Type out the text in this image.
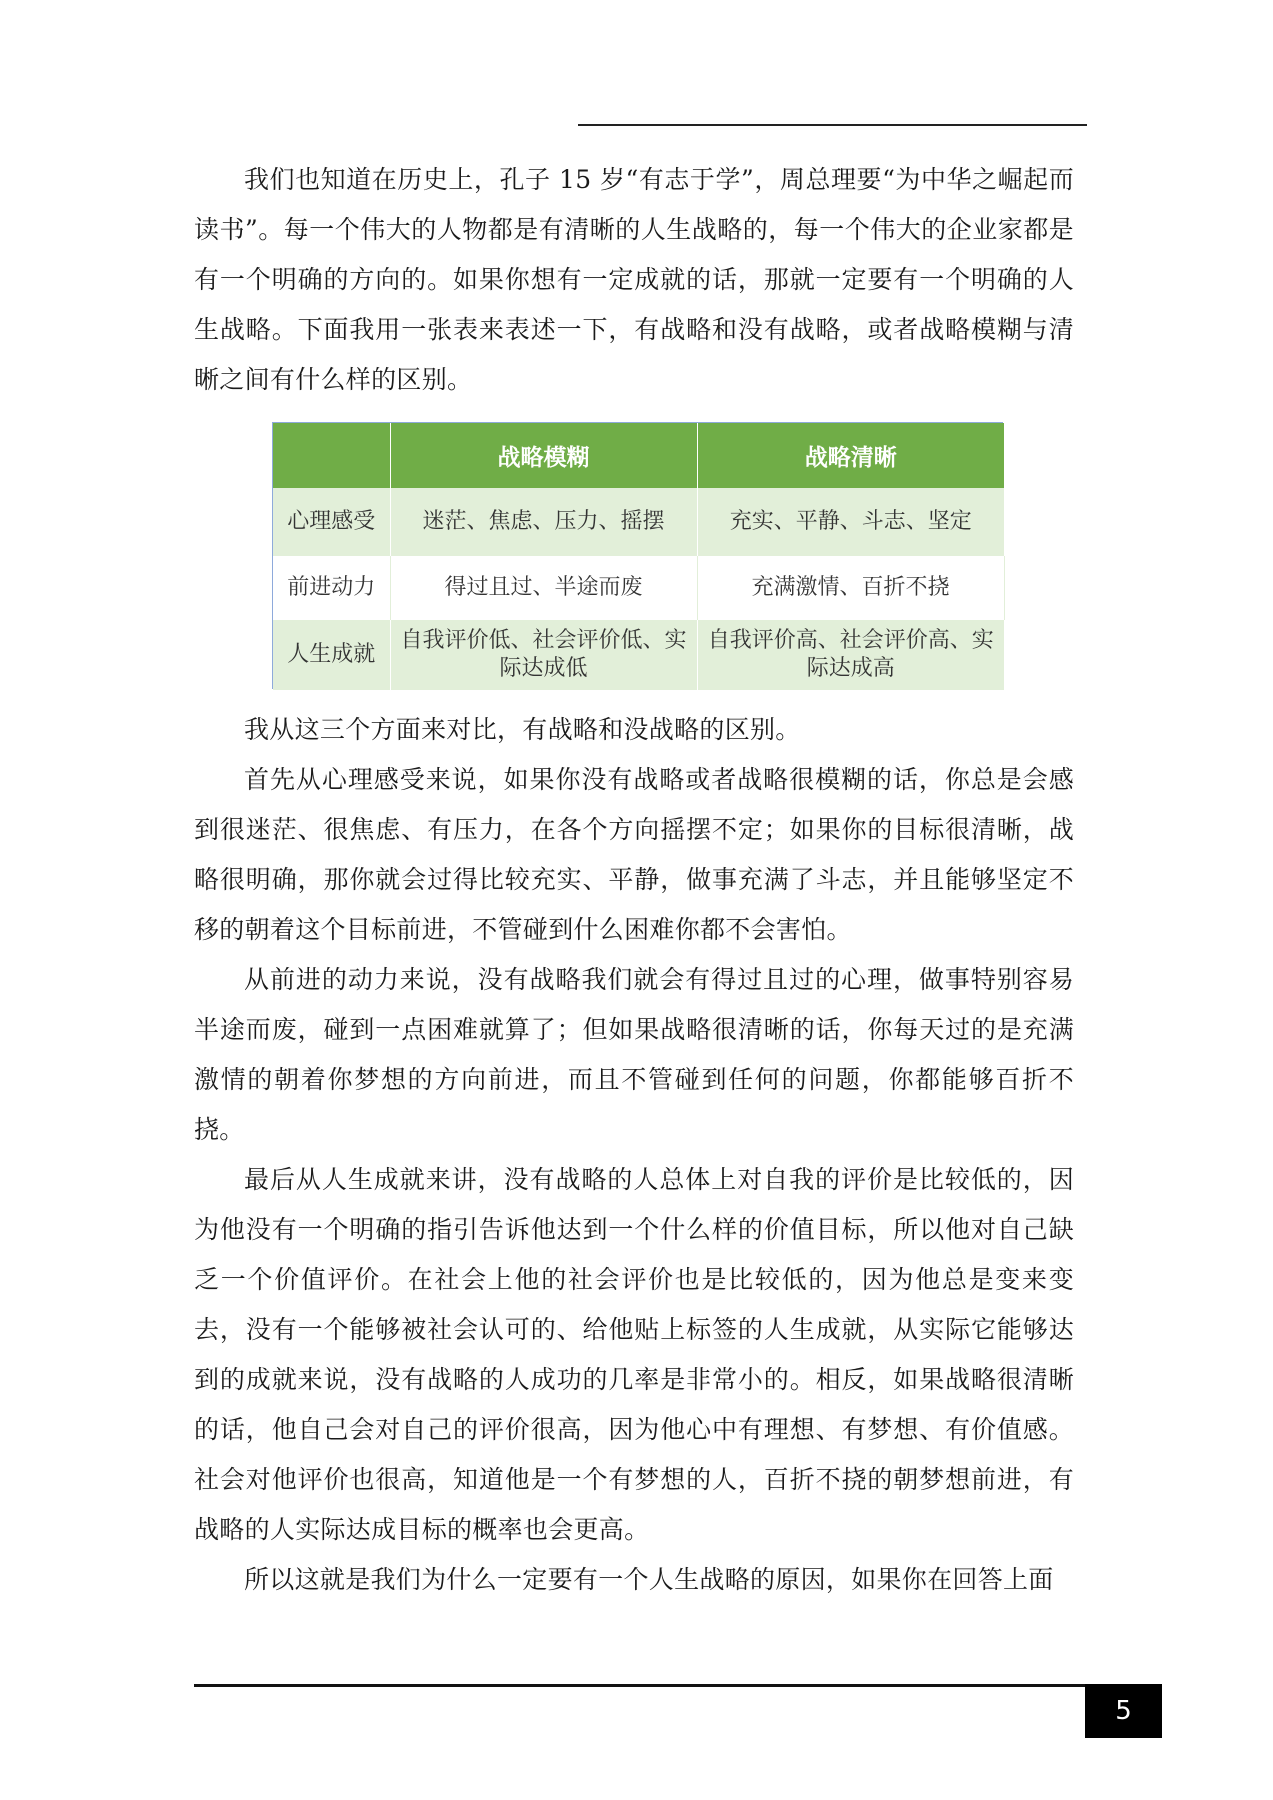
我们也知道在历史上，孔子 15 岁“有志于学”，周总理要“为中华之崛起而读书”。每一个伟大的人物都是有清晰的人生战略的，每一个伟大的企业家都是有一个明确的方向的。如果你想有一定成就的话，那就一定要有一个明确的人生战略。下面我用一张表来表述一下，有战略和没有战略，或者战略模糊与清晰之间有什么样的区别。

	战略模糊	战略清晰
心理感受	迷茫、焦虑、压力、摇摆	充实、平静、斗志、坚定
前进动力	得过且过、半途而废	充满激情、百折不挠
人生成就	自我评价低、社会评价低、实际达成低	自我评价高、社会评价高、实际达成高

我从这三个方面来对比，有战略和没战略的区别。

首先从心理感受来说，如果你没有战略或者战略很模糊的话，你总是会感到很迷茫、很焦虑、有压力，在各个方向摇摆不定；如果你的目标很清晰，战略很明确，那你就会过得比较充实、平静，做事充满了斗志，并且能够坚定不移的朝着这个目标前进，不管碰到什么困难你都不会害怕。

从前进的动力来说，没有战略我们就会有得过且过的心理，做事特别容易半途而废，碰到一点困难就算了；但如果战略很清晰的话，你每天过的是充满激情的朝着你梦想的方向前进，而且不管碰到任何的问题，你都能够百折不挠。

最后从人生成就来讲，没有战略的人总体上对自我的评价是比较低的，因为他没有一个明确的指引告诉他达到一个什么样的价值目标，所以他对自己缺乏一个价值评价。在社会上他的社会评价也是比较低的，因为他总是变来变去，没有一个能够被社会认可的、给他贴上标签的人生成就，从实际它能够达到的成就来说，没有战略的人成功的几率是非常小的。相反，如果战略很清晰的话，他自己会对自己的评价很高，因为他心中有理想、有梦想、有价值感。社会对他评价也很高，知道他是一个有梦想的人，百折不挠的朝梦想前进，有战略的人实际达成目标的概率也会更高。

所以这就是我们为什么一定要有一个人生战略的原因，如果你在回答上面

5
